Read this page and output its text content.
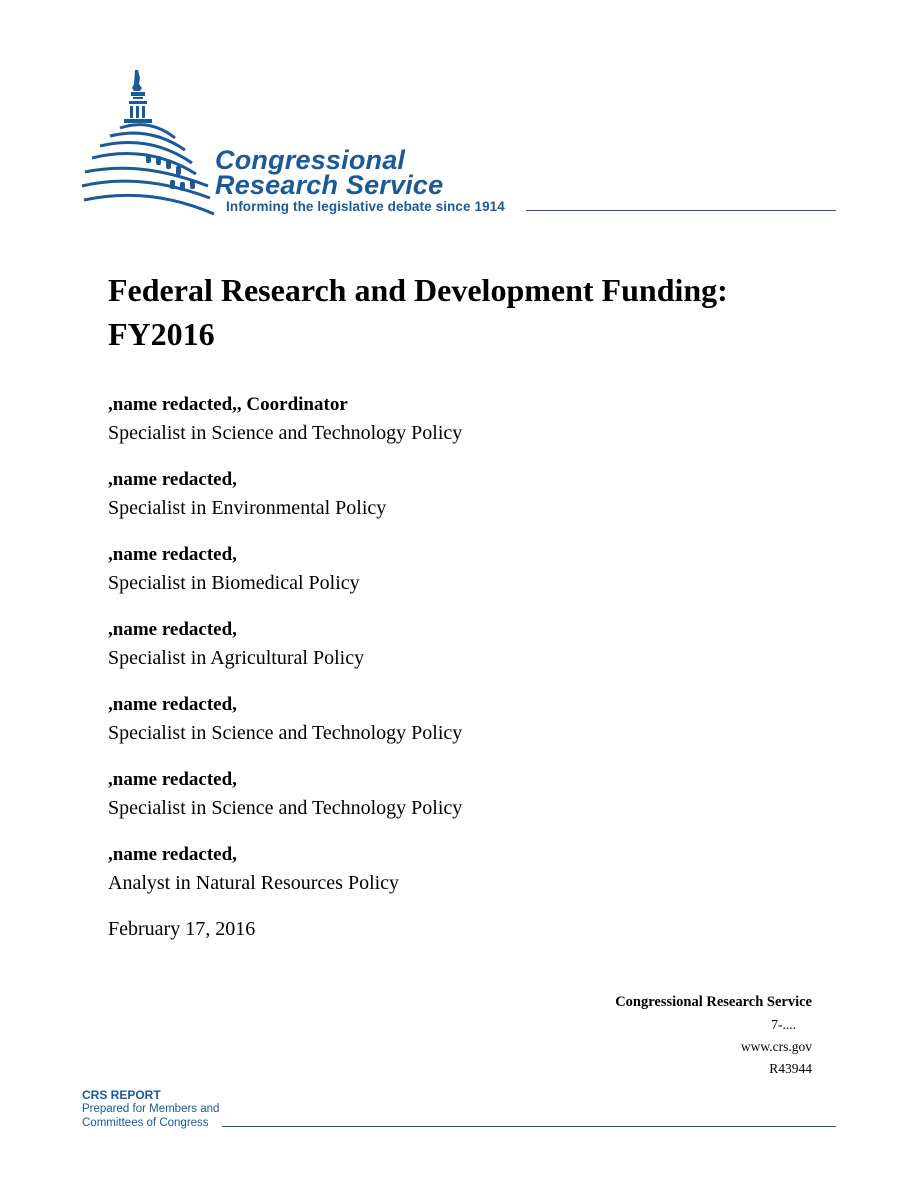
Congressional
Research Service
Informing the legislative debate since 1914
Federal Research and Development Funding:
FY2016
,name redacted,, Coordinator
Specialist in Science and Technology Policy
,name redacted,
Specialist in Environmental Policy
,name redacted,
Specialist in Biomedical Policy
,name redacted,
Specialist in Agricultural Policy
,name redacted,
Specialist in Science and Technology Policy
,name redacted,
Specialist in Science and Technology Policy
,name redacted,
Analyst in Natural Resources Policy
February 17, 2016
Congressional Research Service
7-....
www.crs.gov
R43944
CRS REPORT
Prepared for Members and
Committees of Congress
